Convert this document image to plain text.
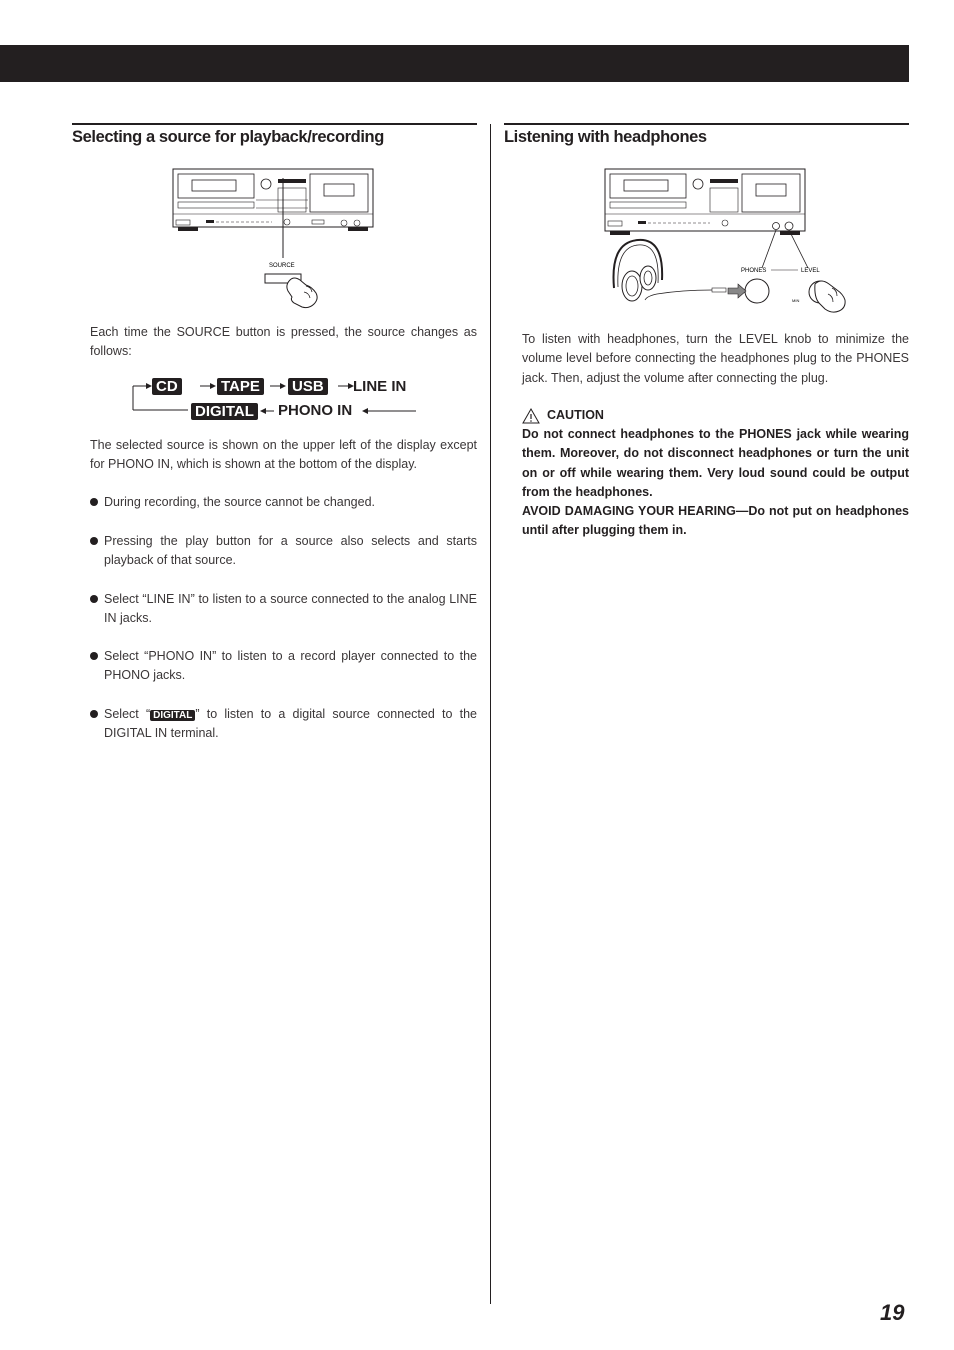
Selecting a source for playback/recording
SOURCE

Each time the SOURCE button is pressed, the source changes as follows:

CD	TAPE USB LINE IN
DIGITAL PHONO IN

The selected source is shown on the upper left of the display except for PHONO IN, which is shown at the bottom of the display.

During recording, the source cannot be changed.
Pressing the play button for a source also selects and starts playback of that source.
Select “LINE IN” to listen to a source connected to the analog LINE IN jacks.
Select “PHONO IN” to listen to a record player connected to the PHONO jacks.
Select “ DIGITAL ” to listen to a digital source connected to the DIGITAL IN terminal.
Listening with headphones
PHONES	LEVEL
MIN

To listen with headphones, turn the LEVEL knob to minimize the volume level before connecting the headphones plug to the PHONES jack. Then, adjust the volume after connecting the plug.

CAUTION

Do not connect headphones to the PHONES jack while wearing them. Moreover, do not disconnect headphones or turn the unit on or off while wearing them. Very loud sound could be output from the headphones.

AVOID DAMAGING YOUR HEARING—Do not put on headphones until after plugging them in.

19
